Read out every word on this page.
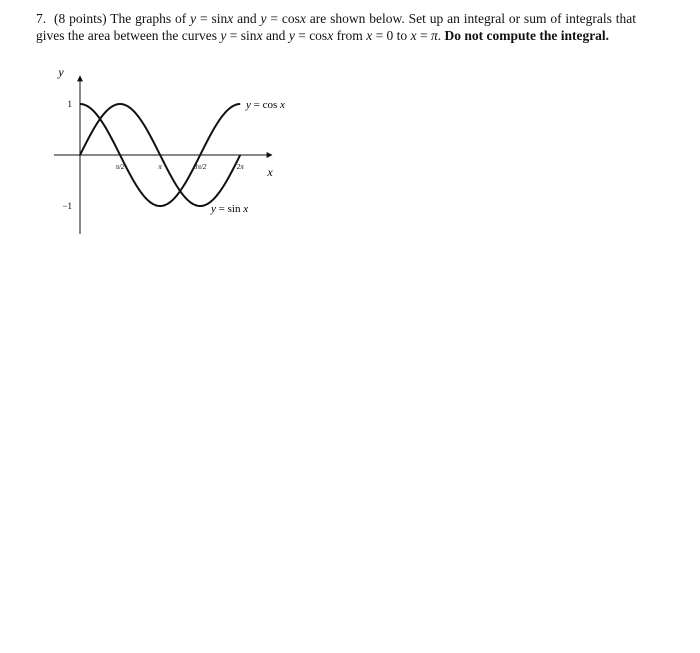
7. (8 points) The graphs of y = sinx and y = cosx are shown below. Set up an integral or sum of integrals that gives the area between the curves y = sinx and y = cosx from x = 0 to x = π. Do not compute the integral.
y
x
1
−1
π/2	π	3π/2	2π
y = cos x
y = sin x
